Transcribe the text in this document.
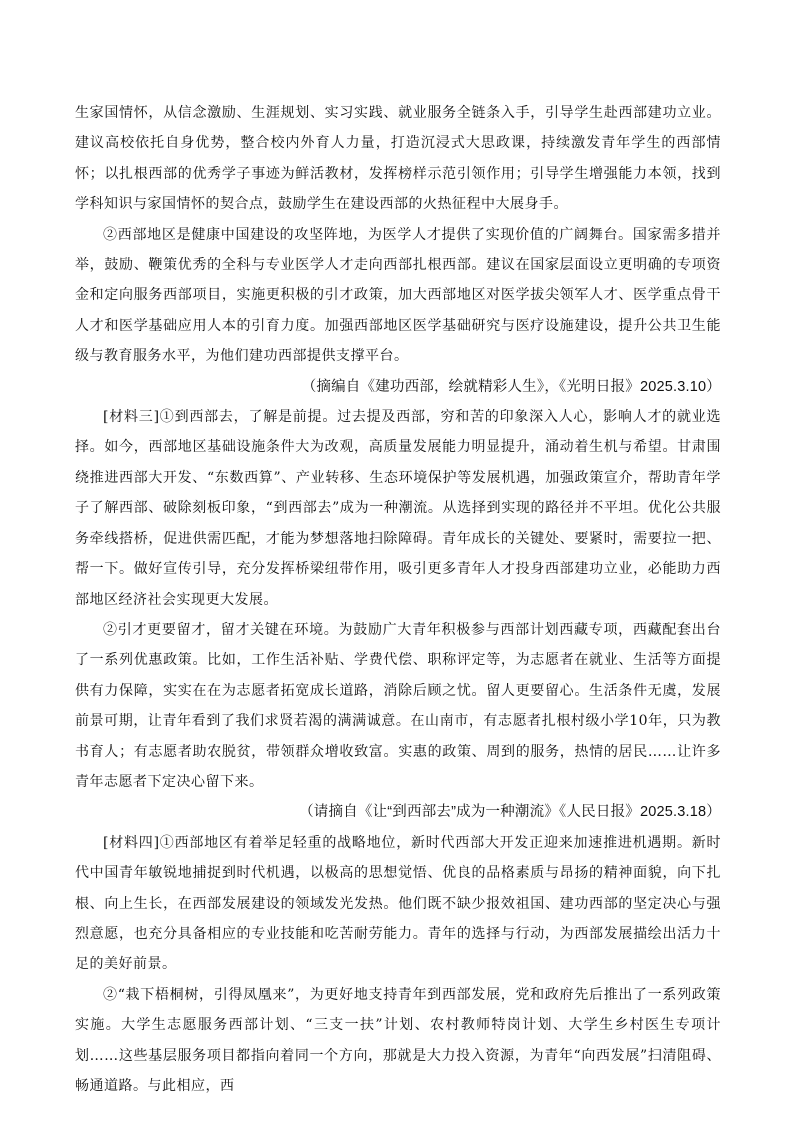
生家国情怀，从信念激励、生涯规划、实习实践、就业服务全链条入手，引导学生赴西部建功立业。建议高校依托自身优势，整合校内外育人力量，打造沉浸式大思政课，持续激发青年学生的西部情怀；以扎根西部的优秀学子事迹为鲜活教材，发挥榜样示范引领作用；引导学生增强能力本领，找到学科知识与家国情怀的契合点，鼓励学生在建设西部的火热征程中大展身手。

②西部地区是健康中国建设的攻坚阵地，为医学人才提供了实现价值的广阔舞台。国家需多措并举，鼓励、鞭策优秀的全科与专业医学人才走向西部扎根西部。建议在国家层面设立更明确的专项资金和定向服务西部项目，实施更积极的引才政策，加大西部地区对医学拔尖领军人才、医学重点骨干人才和医学基础应用人本的引育力度。加强西部地区医学基础研究与医疗设施建设，提升公共卫生能级与教育服务水平，为他们建功西部提供支撑平台。

（摘编自《建功西部，绘就精彩人生》，《光明日报》2025.3.10）

[材料三]①到西部去，了解是前提。过去提及西部，穷和苦的印象深入人心，影响人才的就业选择。如今，西部地区基础设施条件大为改观，高质量发展能力明显提升，涌动着生机与希望。甘肃围绕推进西部大开发、“东数西算”、产业转移、生态环境保护等发展机遇，加强政策宣介，帮助青年学子了解西部、破除刻板印象，“到西部去”成为一种潮流。从选择到实现的路径并不平坦。优化公共服务牵线搭桥，促进供需匹配，才能为梦想落地扫除障碍。青年成长的关键处、要紧时，需要拉一把、帮一下。做好宣传引导，充分发挥桥梁纽带作用，吸引更多青年人才投身西部建功立业，必能助力西部地区经济社会实现更大发展。

②引才更要留才，留才关键在环境。为鼓励广大青年积极参与西部计划西藏专项，西藏配套出台了一系列优惠政策。比如，工作生活补贴、学费代偿、职称评定等，为志愿者在就业、生活等方面提供有力保障，实实在在为志愿者拓宽成长道路，消除后顾之忧。留人更要留心。生活条件无虞，发展前景可期，让青年看到了我们求贤若渴的满满诚意。在山南市，有志愿者扎根村级小学10年，只为教书育人；有志愿者助农脱贫，带领群众增收致富。实惠的政策、周到的服务，热情的居民……让许多青年志愿者下定决心留下来。

（请摘自《让“到西部去”成为一种潮流》《人民日报》2025.3.18）

[材料四]①西部地区有着举足轻重的战略地位，新时代西部大开发正迎来加速推进机遇期。新时代中国青年敏锐地捕捉到时代机遇，以极高的思想觉悟、优良的品格素质与昂扬的精神面貌，向下扎根、向上生长，在西部发展建设的领域发光发热。他们既不缺少报效祖国、建功西部的坚定决心与强烈意愿，也充分具备相应的专业技能和吃苦耐劳能力。青年的选择与行动，为西部发展描绘出活力十足的美好前景。

②“栽下梧桐树，引得凤凰来”，为更好地支持青年到西部发展，党和政府先后推出了一系列政策实施。大学生志愿服务西部计划、“三支一扶”计划、农村教师特岗计划、大学生乡村医生专项计划……这些基层服务项目都指向着同一个方向，那就是大力投入资源，为青年“向西发展”扫清阻碍、畅通道路。与此相应，西
